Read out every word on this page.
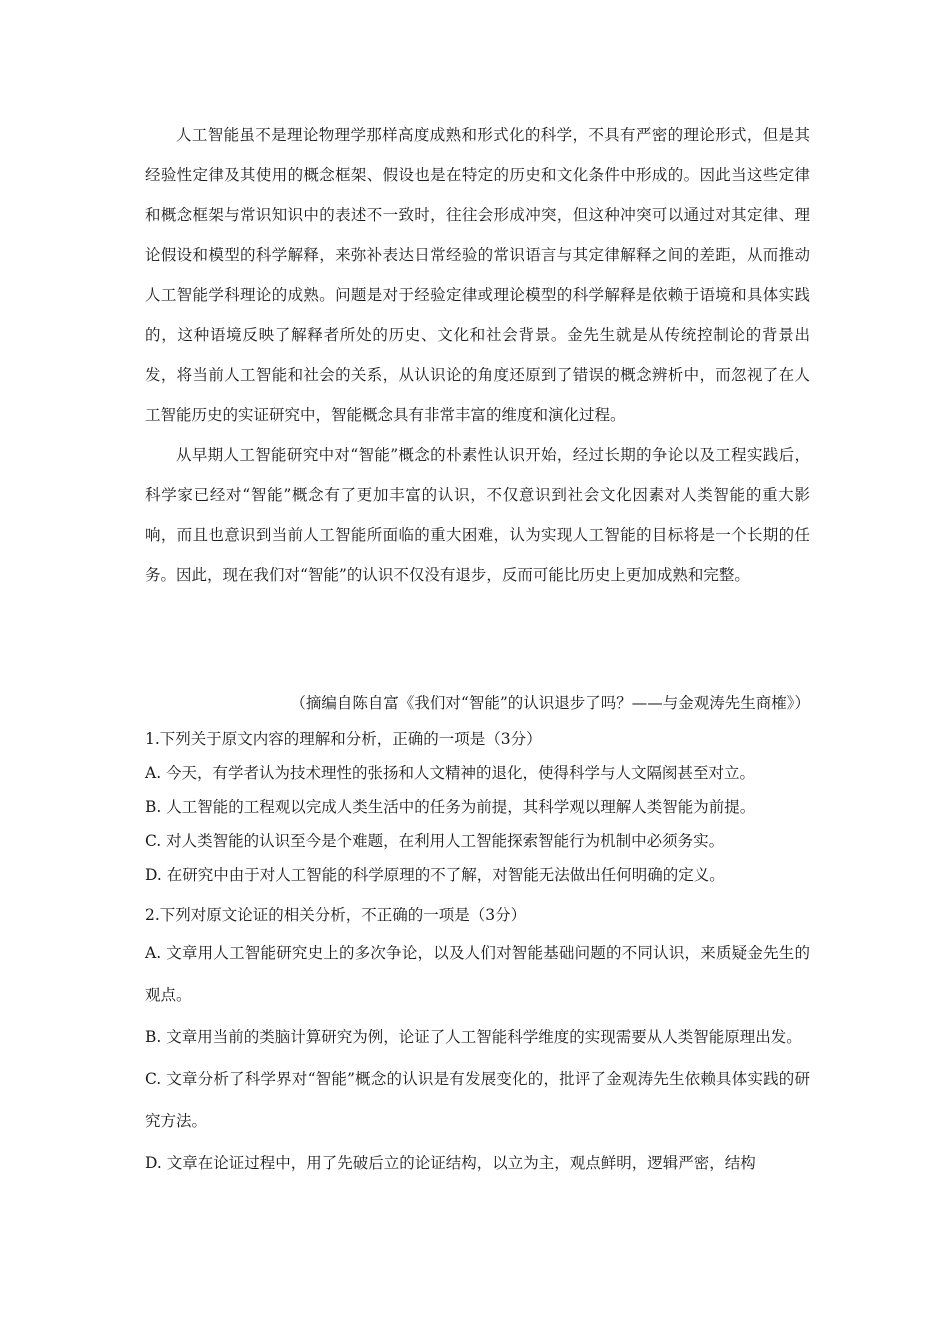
人工智能虽不是理论物理学那样高度成熟和形式化的科学，不具有严密的理论形式，但是其经验性定律及其使用的概念框架、假设也是在特定的历史和文化条件中形成的。因此当这些定律和概念框架与常识知识中的表述不一致时，往往会形成冲突，但这种冲突可以通过对其定律、理论假设和模型的科学解释，来弥补表达日常经验的常识语言与其定律解释之间的差距，从而推动人工智能学科理论的成熟。问题是对于经验定律或理论模型的科学解释是依赖于语境和具体实践的，这种语境反映了解释者所处的历史、文化和社会背景。金先生就是从传统控制论的背景出发，将当前人工智能和社会的关系，从认识论的角度还原到了错误的概念辨析中，而忽视了在人工智能历史的实证研究中，智能概念具有非常丰富的维度和演化过程。

从早期人工智能研究中对“智能”概念的朴素性认识开始，经过长期的争论以及工程实践后，科学家已经对“智能”概念有了更加丰富的认识，不仅意识到社会文化因素对人类智能的重大影响，而且也意识到当前人工智能所面临的重大困难，认为实现人工智能的目标将是一个长期的任务。因此，现在我们对“智能”的认识不仅没有退步，反而可能比历史上更加成熟和完整。

（摘编自陈自富《我们对“智能”的认识退步了吗？——与金观涛先生商榷》）

1.下列关于原文内容的理解和分析，正确的一项是（3分）

A. 今天，有学者认为技术理性的张扬和人文精神的退化，使得科学与人文隔阂甚至对立。

B. 人工智能的工程观以完成人类生活中的任务为前提，其科学观以理解人类智能为前提。

C. 对人类智能的认识至今是个难题，在利用人工智能探索智能行为机制中必须务实。

D. 在研究中由于对人工智能的科学原理的不了解，对智能无法做出任何明确的定义。

2.下列对原文论证的相关分析，不正确的一项是（3分）

A. 文章用人工智能研究史上的多次争论，以及人们对智能基础问题的不同认识，来质疑金先生的观点。

B. 文章用当前的类脑计算研究为例，论证了人工智能科学维度的实现需要从人类智能原理出发。

C. 文章分析了科学界对“智能”概念的认识是有发展变化的，批评了金观涛先生依赖具体实践的研究方法。

D. 文章在论证过程中，用了先破后立的论证结构，以立为主，观点鲜明，逻辑严密，结构
